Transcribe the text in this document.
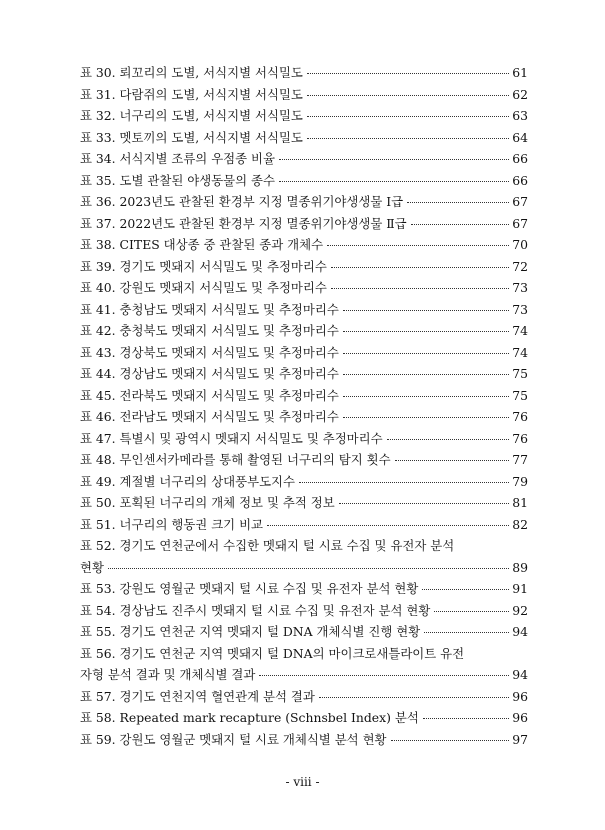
표 30. 뢰꼬리의 도별, 서식지별 서식밀도	61
표 31. 다람쥐의 도별, 서식지별 서식밀도	62
표 32. 너구리의 도별, 서식지별 서식밀도	63
표 33. 멧토끼의 도별, 서식지별 서식밀도	64
표 34. 서식지별 조류의 우점종 비율	66
표 35. 도별 관찰된 야생동물의 종수	66
표 36. 2023년도 관찰된 환경부 지정 멸종위기야생생물 Ⅰ급	67
표 37. 2022년도 관찰된 환경부 지정 멸종위기야생생물 Ⅱ급	67
표 38. CITES 대상종 중 관찰된 종과 개체수	70
표 39. 경기도 멧돼지 서식밀도 및 추정마리수	72
표 40. 강원도 멧돼지 서식밀도 및 추정마리수	73
표 41. 충청남도 멧돼지 서식밀도 및 추정마리수	73
표 42. 충청북도 멧돼지 서식밀도 및 추정마리수	74
표 43. 경상북도 멧돼지 서식밀도 및 추정마리수	74
표 44. 경상남도 멧돼지 서식밀도 및 추정마리수	75
표 45. 전라북도 멧돼지 서식밀도 및 추정마리수	75
표 46. 전라남도 멧돼지 서식밀도 및 추정마리수	76
표 47. 특별시 및 광역시 멧돼지 서식밀도 및 추정마리수	76
표 48. 무인센서카메라를 통해 촬영된 너구리의 탐지 횟수	77
표 49. 계절별 너구리의 상대풍부도지수	79
표 50. 포획된 너구리의 개체 정보 및 추적 정보	81
표 51. 너구리의 행동권 크기 비교	82
표 52. 경기도 연천군에서 수집한 멧돼지 털 시료 수집 및 유전자 분석
현황	89
표 53. 강원도 영월군 멧돼지 털 시료 수집 및 유전자 분석 현황	91
표 54. 경상남도 진주시 멧돼지 털 시료 수집 및 유전자 분석 현황	92
표 55. 경기도 연천군 지역 멧돼지 털 DNA 개체식별 진행 현황	94
표 56. 경기도 연천군 지역 멧돼지 털 DNA의 마이크로새틀라이트 유전
자형 분석 결과 및 개체식별 결과	94
표 57. 경기도 연천지역 혈연관계 분석 결과	96
표 58. Repeated mark recapture (Schnsbel Index) 분석	96
표 59. 강원도 영월군 멧돼지 털 시료 개체식별 분석 현황	97
- viii -
